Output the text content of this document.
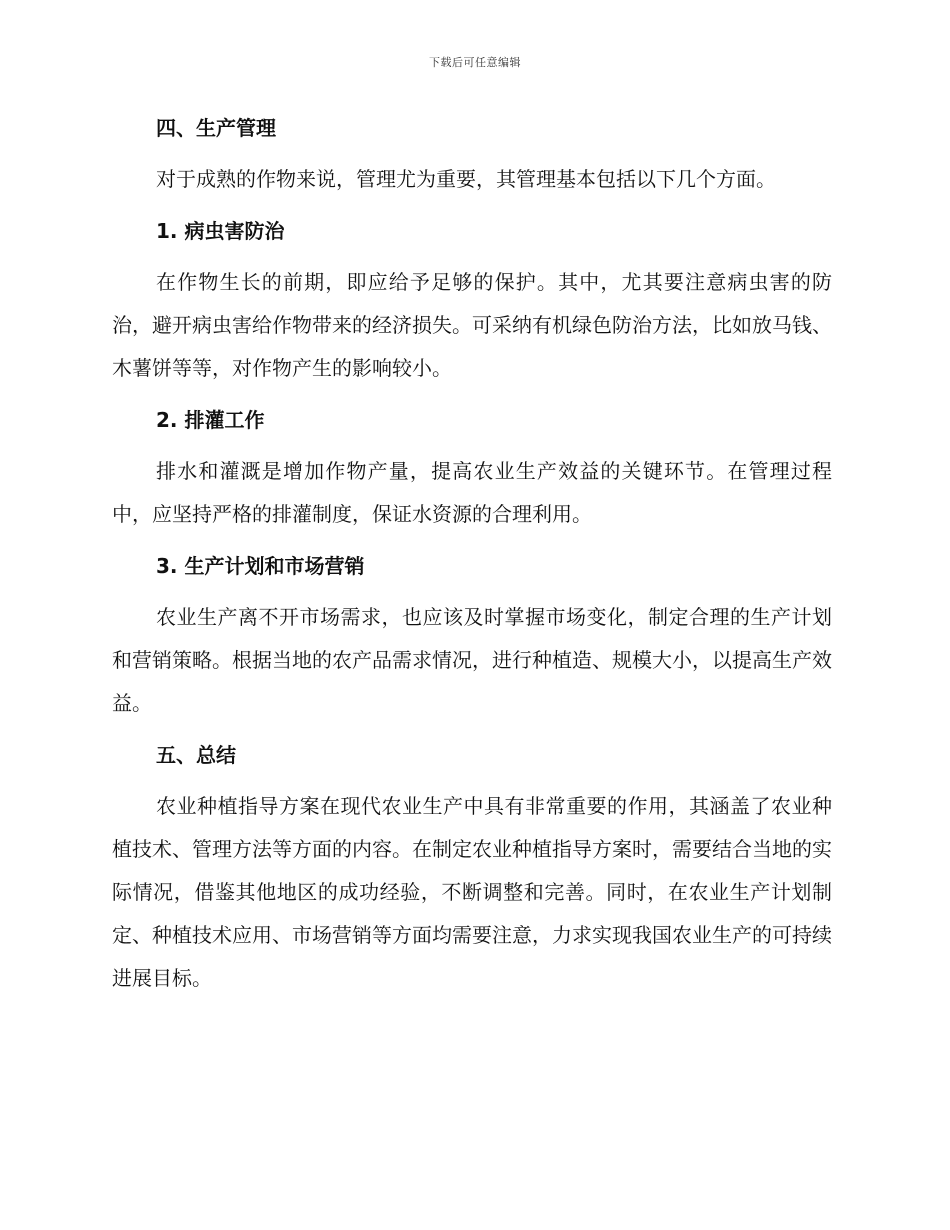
下载后可任意编辑
四、生产管理

对于成熟的作物来说，管理尤为重要，其管理基本包括以下几个方面。

1. 病虫害防治

在作物生长的前期，即应给予足够的保护。其中，尤其要注意病虫害的防治，避开病虫害给作物带来的经济损失。可采纳有机绿色防治方法，比如放马钱、木薯饼等等，对作物产生的影响较小。

2. 排灌工作

排水和灌溉是增加作物产量，提高农业生产效益的关键环节。在管理过程中，应坚持严格的排灌制度，保证水资源的合理利用。

3. 生产计划和市场营销

农业生产离不开市场需求，也应该及时掌握市场变化，制定合理的生产计划和营销策略。根据当地的农产品需求情况，进行种植造、规模大小，以提高生产效益。

五、总结

农业种植指导方案在现代农业生产中具有非常重要的作用，其涵盖了农业种植技术、管理方法等方面的内容。在制定农业种植指导方案时，需要结合当地的实际情况，借鉴其他地区的成功经验，不断调整和完善。同时，在农业生产计划制定、种植技术应用、市场营销等方面均需要注意，力求实现我国农业生产的可持续进展目标。
